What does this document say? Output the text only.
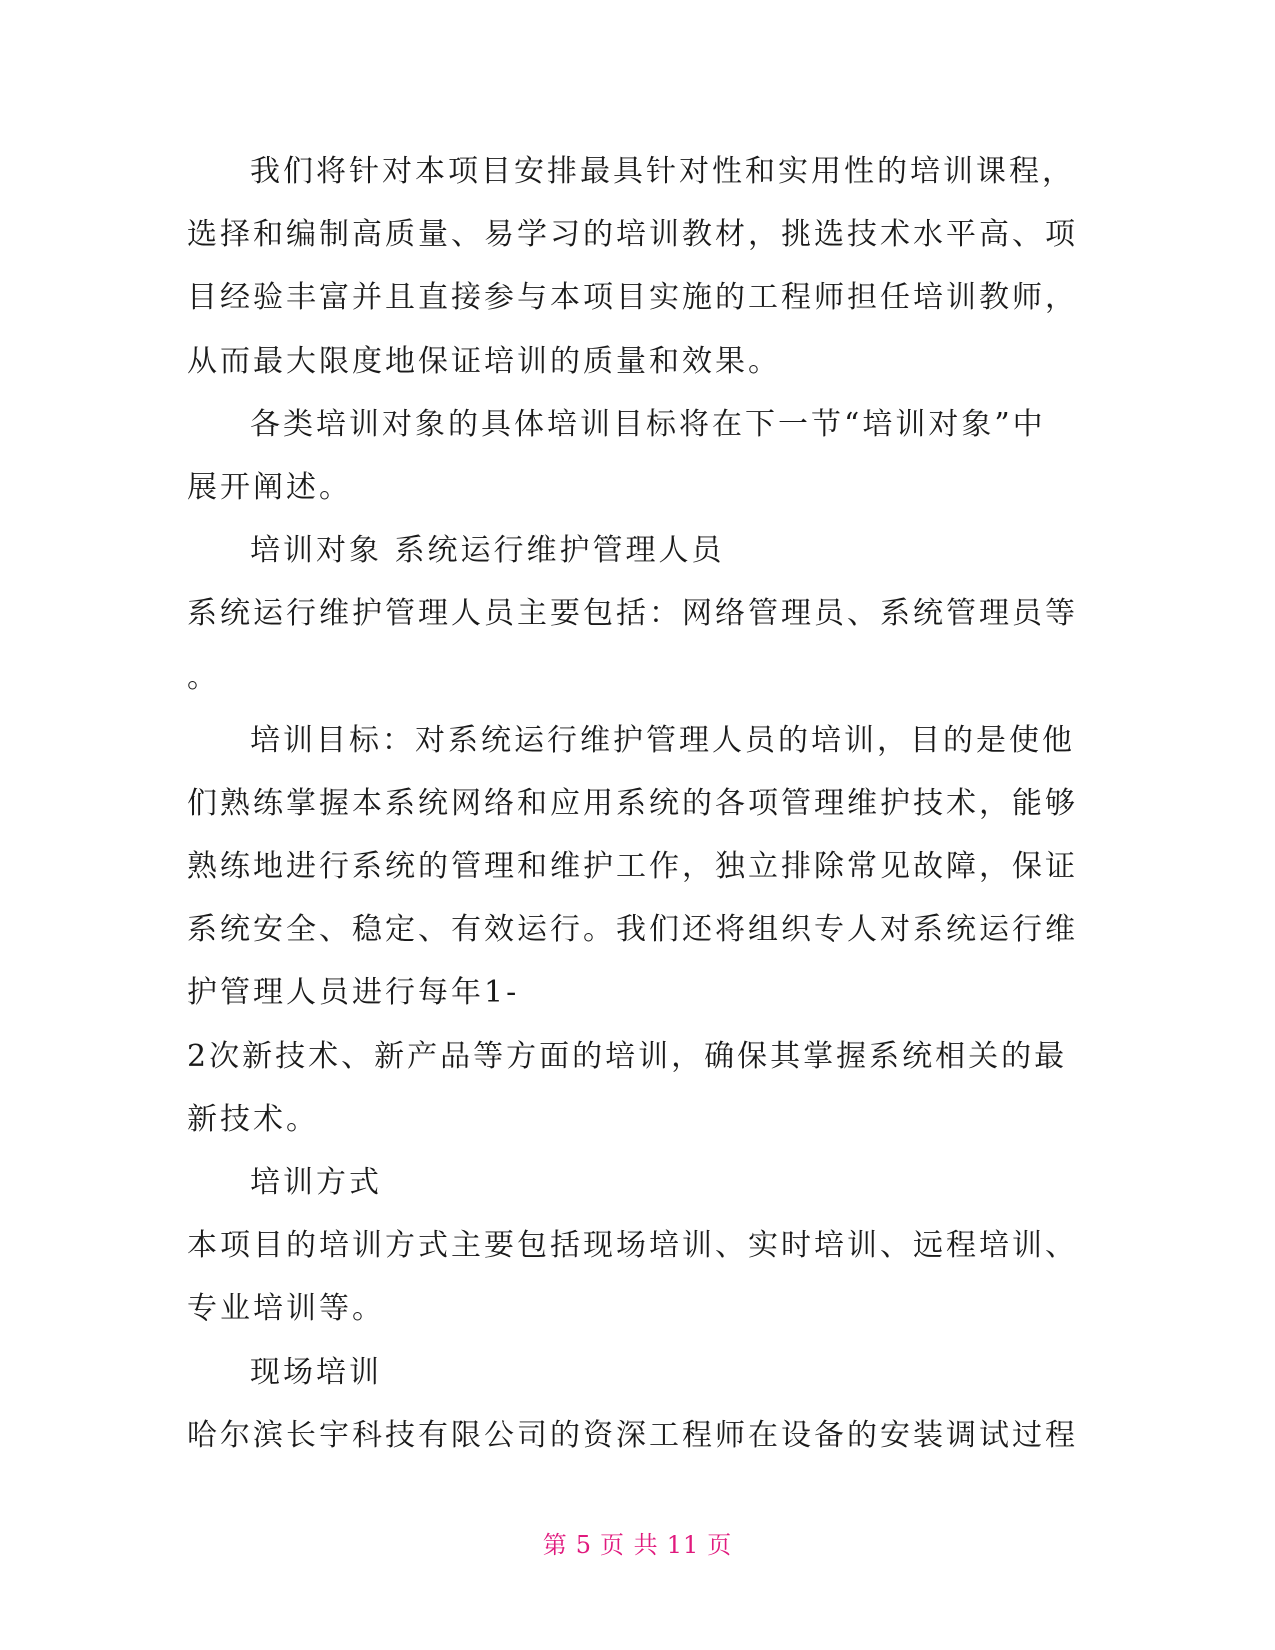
我们将针对本项目安排最具针对性和实用性的培训课程，
选择和编制高质量、易学习的培训教材，挑选技术水平高、项
目经验丰富并且直接参与本项目实施的工程师担任培训教师，
从而最大限度地保证培训的质量和效果。
各类培训对象的具体培训目标将在下一节“培训对象”中
展开阐述。
培训对象 系统运行维护管理人员
系统运行维护管理人员主要包括：网络管理员、系统管理员等
。
培训目标：对系统运行维护管理人员的培训，目的是使他
们熟练掌握本系统网络和应用系统的各项管理维护技术，能够
熟练地进行系统的管理和维护工作，独立排除常见故障，保证
系统安全、稳定、有效运行。我们还将组织专人对系统运行维
护管理人员进行每年1-
2次新技术、新产品等方面的培训，确保其掌握系统相关的最
新技术。
培训方式
本项目的培训方式主要包括现场培训、实时培训、远程培训、
专业培训等。
现场培训
哈尔滨长宇科技有限公司的资深工程师在设备的安装调试过程
第 5 页 共 11 页
